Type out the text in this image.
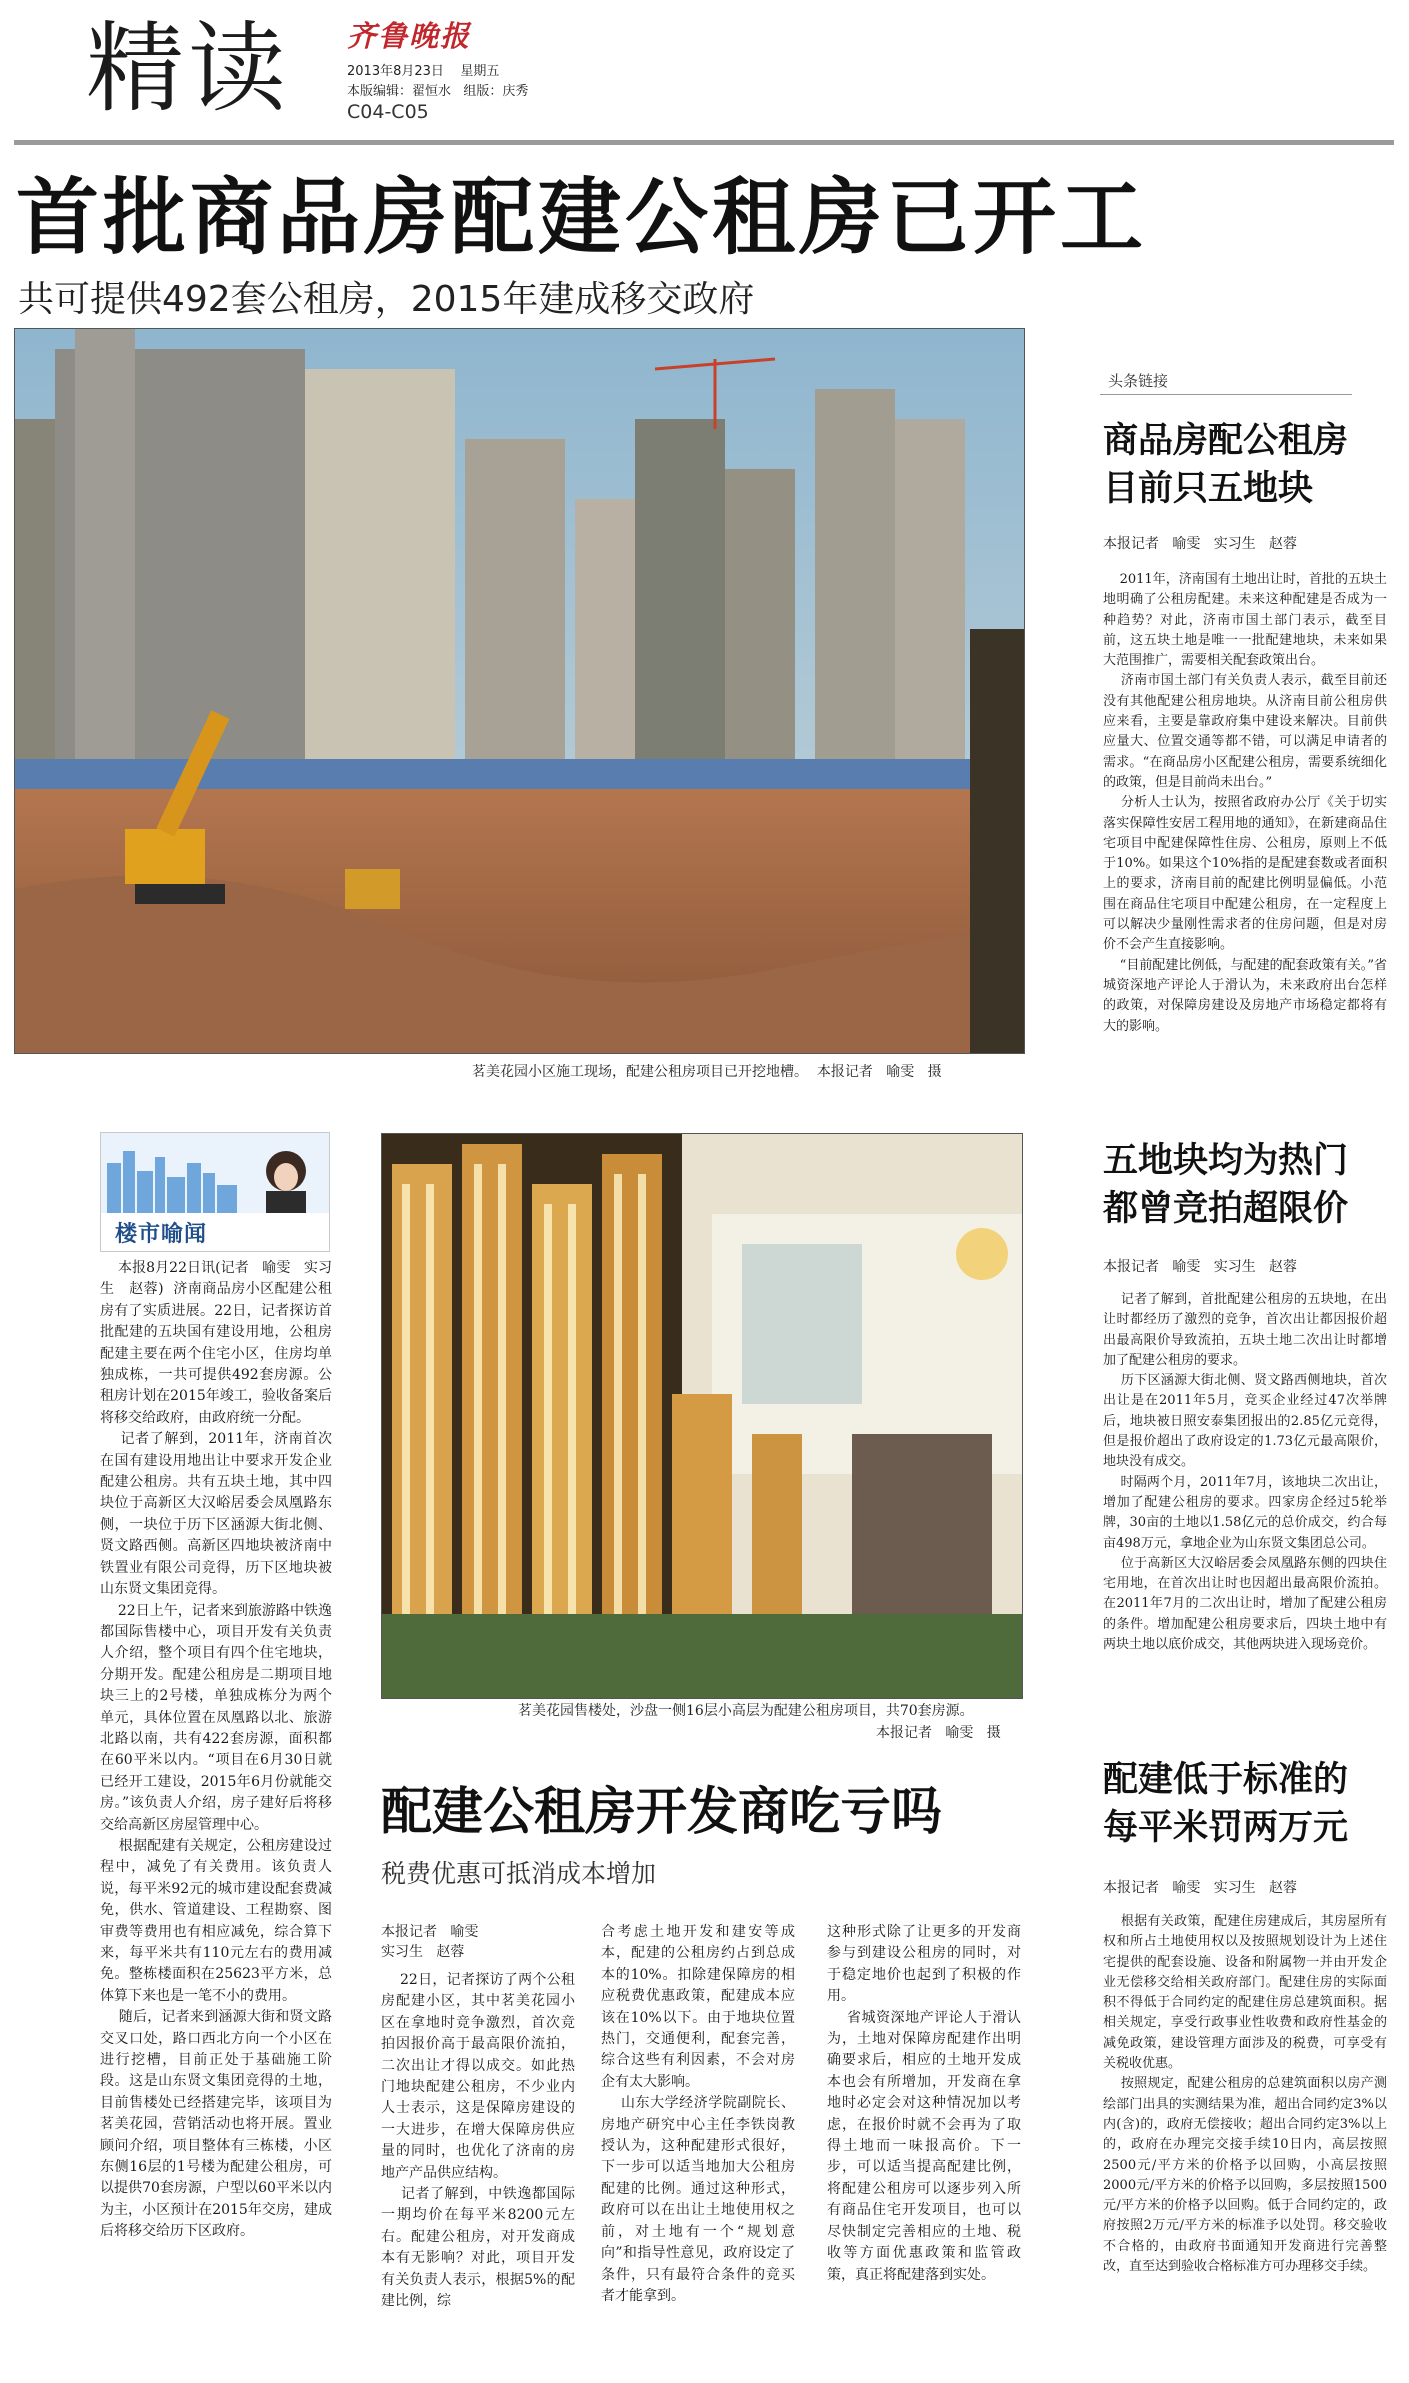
精读 齐鲁晚报
2013年8月23日    星期五
本版编辑：翟恒水   组版：庆秀
C04-C05
首批商品房配建公租房已开工
共可提供492套公租房，2015年建成移交政府
茗美花园小区施工现场，配建公租房项目已开挖地槽。  本报记者   喻雯   摄
头条链接
商品房配公租房
目前只五地块
本报记者   喻雯   实习生   赵蓉

2011年，济南国有土地出让时，首批的五块土地明确了公租房配建。未来这种配建是否成为一种趋势？对此，济南市国土部门表示，截至目前，这五块土地是唯一一批配建地块，未来如果大范围推广，需要相关配套政策出台。
济南市国土部门有关负责人表示，截至目前还没有其他配建公租房地块。从济南目前公租房供应来看，主要是靠政府集中建设来解决。目前供应量大、位置交通等都不错，可以满足申请者的需求。“在商品房小区配建公租房，需要系统细化的政策，但是目前尚未出台。”
分析人士认为，按照省政府办公厅《关于切实落实保障性安居工程用地的通知》，在新建商品住宅项目中配建保障性住房、公租房，原则上不低于10%。如果这个10%指的是配建套数或者面积上的要求，济南目前的配建比例明显偏低。小范围在商品住宅项目中配建公租房，在一定程度上可以解决少量刚性需求者的住房问题，但是对房价不会产生直接影响。
“目前配建比例低，与配建的配套政策有关。”省城资深地产评论人于滑认为，未来政府出台怎样的政策，对保障房建设及房地产市场稳定都将有大的影响。

五地块均为热门
都曾竞拍超限价
本报记者   喻雯   实习生   赵蓉

记者了解到，首批配建公租房的五块地，在出让时都经历了激烈的竞争，首次出让都因报价超出最高限价导致流拍，五块土地二次出让时都增加了配建公租房的要求。
历下区涵源大街北侧、贤文路西侧地块，首次出让是在2011年5月，竞买企业经过47次举牌后，地块被日照安泰集团报出的2.85亿元竞得，但是报价超出了政府设定的1.73亿元最高限价，地块没有成交。
时隔两个月，2011年7月，该地块二次出让，增加了配建公租房的要求。四家房企经过5轮举牌，30亩的土地以1.58亿元的总价成交，约合每亩498万元，拿地企业为山东贤文集团总公司。
位于高新区大汉峪居委会凤凰路东侧的四块住宅用地，在首次出让时也因超出最高限价流拍。在2011年7月的二次出让时，增加了配建公租房的条件。增加配建公租房要求后，四块土地中有两块土地以底价成交，其他两块进入现场竞价。

配建低于标准的
每平米罚两万元
本报记者   喻雯   实习生   赵蓉

根据有关政策，配建住房建成后，其房屋所有权和所占土地使用权以及按照规划设计为上述住宅提供的配套设施、设备和附属物一并由开发企业无偿移交给相关政府部门。配建住房的实际面积不得低于合同约定的配建住房总建筑面积。据相关规定，享受行政事业性收费和政府性基金的减免政策，建设管理方面涉及的税费，可享受有关税收优惠。
按照规定，配建公租房的总建筑面积以房产测绘部门出具的实测结果为准，超出合同约定3%以内(含)的，政府无偿接收；超出合同约定3%以上的，政府在办理完交接手续10日内，高层按照2500元/平方米的价格予以回购，小高层按照2000元/平方米的价格予以回购，多层按照1500元/平方米的价格予以回购。低于合同约定的，政府按照2万元/平方米的标准予以处罚。移交验收不合格的，由政府书面通知开发商进行完善整改，直至达到验收合格标准方可办理移交手续。

楼市喻闻

本报8月22日讯(记者   喻雯   实习生   赵蓉)  济南商品房小区配建公租房有了实质进展。22日，记者探访首批配建的五块国有建设用地，公租房配建主要在两个住宅小区，住房均单独成栋，一共可提供492套房源。公租房计划在2015年竣工，验收备案后将移交给政府，由政府统一分配。
记者了解到，2011年，济南首次在国有建设用地出让中要求开发企业配建公租房。共有五块土地，其中四块位于高新区大汉峪居委会凤凰路东侧，一块位于历下区涵源大街北侧、贤文路西侧。高新区四地块被济南中铁置业有限公司竞得，历下区地块被山东贤文集团竞得。
22日上午，记者来到旅游路中铁逸都国际售楼中心，项目开发有关负责人介绍，整个项目有四个住宅地块，分期开发。配建公租房是二期项目地块三上的2号楼，单独成栋分为两个单元，具体位置在凤凰路以北、旅游北路以南，共有422套房源，面积都在60平米以内。“项目在6月30日就已经开工建设，2015年6月份就能交房。”该负责人介绍，房子建好后将移交给高新区房屋管理中心。
根据配建有关规定，公租房建设过程中，减免了有关费用。该负责人说，每平米92元的城市建设配套费减免，供水、管道建设、工程勘察、图审费等费用也有相应减免，综合算下来，每平米共有110元左右的费用减免。整栋楼面积在25623平方米，总体算下来也是一笔不小的费用。
随后，记者来到涵源大街和贤文路交叉口处，路口西北方向一个小区在进行挖槽，目前正处于基础施工阶段。这是山东贤文集团竞得的土地，目前售楼处已经搭建完毕，该项目为茗美花园，营销活动也将开展。置业顾问介绍，项目整体有三栋楼，小区东侧16层的1号楼为配建公租房，可以提供70套房源，户型以60平米以内为主，小区预计在2015年交房，建成后将移交给历下区政府。

茗美花园售楼处，沙盘一侧16层小高层为配建公租房项目，共70套房源。
本报记者   喻雯   摄
配建公租房开发商吃亏吗
税费优惠可抵消成本增加
本报记者   喻雯
实习生   赵蓉

22日，记者探访了两个公租房配建小区，其中茗美花园小区在拿地时竞争激烈，首次竞拍因报价高于最高限价流拍，二次出让才得以成交。如此热门地块配建公租房，不少业内人士表示，这是保障房建设的一大进步，在增大保障房供应量的同时，也优化了济南的房地产产品供应结构。
记者了解到，中铁逸都国际一期均价在每平米8200元左右。配建公租房，对开发商成本有无影响？对此，项目开发有关负责人表示，根据5%的配建比例，综

合考虑土地开发和建安等成本，配建的公租房约占到总成本的10%。扣除建保障房的相应税费优惠政策，配建成本应该在10%以下。由于地块位置热门，交通便利，配套完善，综合这些有利因素，不会对房企有太大影响。
山东大学经济学院副院长、房地产研究中心主任李铁岗教授认为，这种配建形式很好，下一步可以适当地加大公租房配建的比例。通过这种形式，政府可以在出让土地使用权之前，对土地有一个“规划意向”和指导性意见，政府设定了条件，只有最符合条件的竞买者才能拿到。

这种形式除了让更多的开发商参与到建设公租房的同时，对于稳定地价也起到了积极的作用。
省城资深地产评论人于滑认为，土地对保障房配建作出明确要求后，相应的土地开发成本也会有所增加，开发商在拿地时必定会对这种情况加以考虑，在报价时就不会再为了取得土地而一味报高价。下一步，可以适当提高配建比例，将配建公租房可以逐步列入所有商品住宅开发项目，也可以尽快制定完善相应的土地、税收等方面优惠政策和监管政策，真正将配建落到实处。
